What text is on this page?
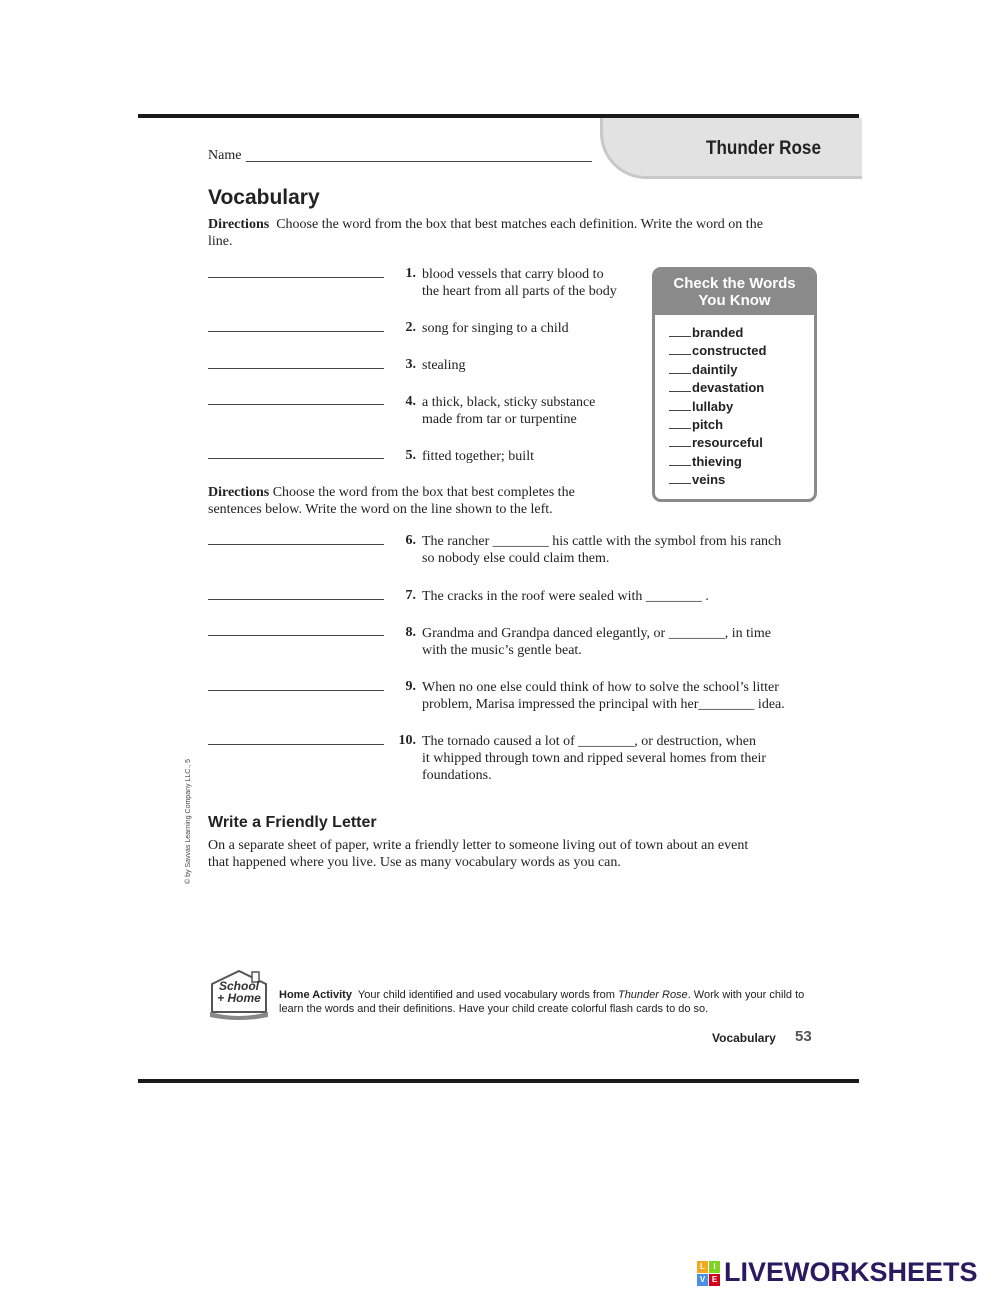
Thunder Rose
Name
Vocabulary
Directions Choose the word from the box that best matches each definition. Write the word on the line.
1. blood vessels that carry blood to
the heart from all parts of the body
2. song for singing to a child
3. stealing
4. a thick, black, sticky substance
made from tar or turpentine
5. fitted together; built
Check the Words
You Know
branded
constructed
daintily
devastation
lullaby
pitch
resourceful
thieving
veins
Directions Choose the word from the box that best completes the
sentences below. Write the word on the line shown to the left.
6. The rancher ________ his cattle with the symbol from his ranch
so nobody else could claim them.
7. The cracks in the roof were sealed with ________ .
8. Grandma and Grandpa danced elegantly, or ________, in time
with the music’s gentle beat.
9. When no one else could think of how to solve the school’s litter
problem, Marisa impressed the principal with her________ idea.
10. The tornado caused a lot of ________, or destruction, when
it whipped through town and ripped several homes from their
foundations.
Write a Friendly Letter
On a separate sheet of paper, write a friendly letter to someone living out of town about an event
that happened where you live. Use as many vocabulary words as you can.
© by Savvas Learning Company LLC., 5
School
+ Home	Home Activity Your child identified and used vocabulary words from Thunder Rose. Work with your child to learn the words and their definitions. Have your child create colorful flash cards to do so.
Vocabulary 53
L	I
V E LIVEWORKSHEETS
